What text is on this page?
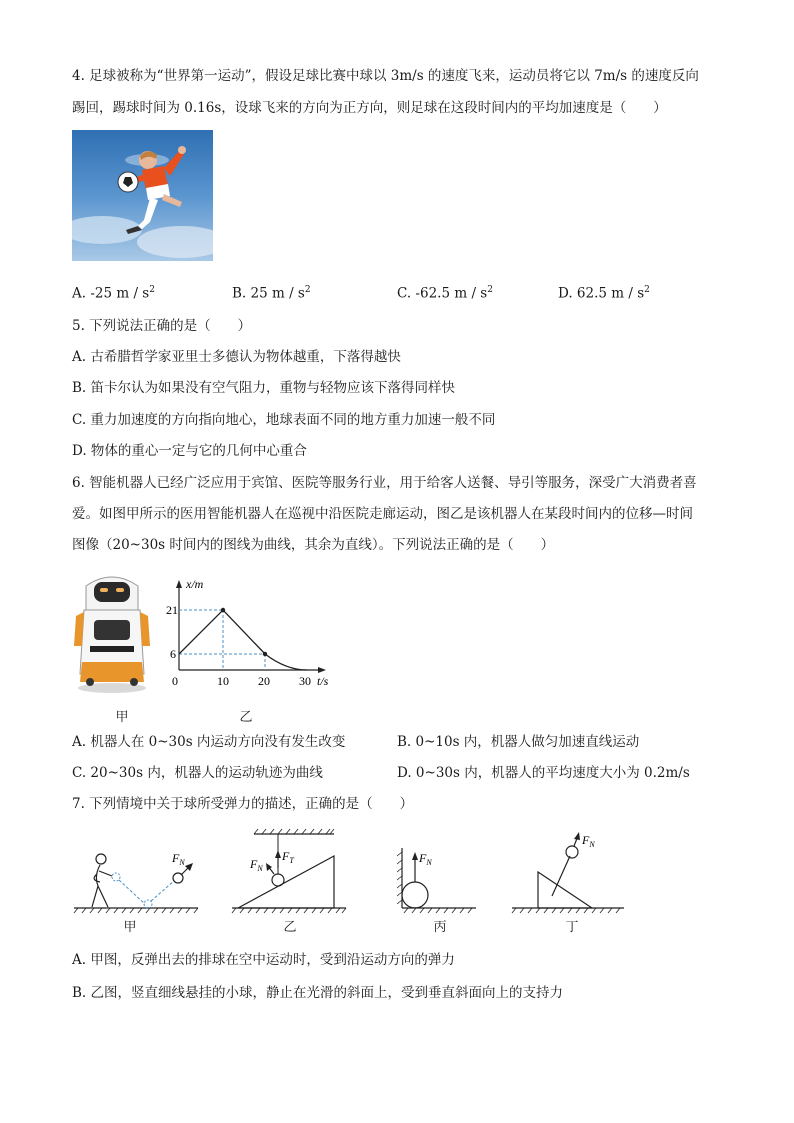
4. 足球被称为“世界第一运动”，假设足球比赛中球以 3m/s 的速度飞来，运动员将它以 7m/s 的速度反向
踢回，踢球时间为 0.16s，设球飞来的方向为正方向，则足球在这段时间内的平均加速度是（　　）
A. -25 m / $s^2$	B. 25 m / $s^2$	C. -62.5 m / $s^2$	D. 62.5 m / $s^2$
5. 下列说法正确的是（　　）
A. 古希腊哲学家亚里士多德认为物体越重，下落得越快
B. 笛卡尔认为如果没有空气阻力，重物与轻物应该下落得同样快
C. 重力加速度的方向指向地心，地球表面不同的地方重力加速一般不同
D. 物体的重心一定与它的几何中心重合
6. 智能机器人已经广泛应用于宾馆、医院等服务行业，用于给客人送餐、导引等服务，深受广大消费者喜
爱。如图甲所示的医用智能机器人在巡视中沿医院走廊运动，图乙是该机器人在某段时间内的位移—时间
图像（20~30s 时间内的图线为曲线，其余为直线）。下列说法正确的是（　　）
x/m
t/s
0	10 20 30
21
6
甲	乙
A. 机器人在 0~30s 内运动方向没有发生改变	B. 0~10s 内，机器人做匀加速直线运动
C. 20~30s 内，机器人的运动轨迹为曲线	D. 0~30s 内，机器人的平均速度大小为 0.2m/s
7. 下列情境中关于球所受弹力的描述，正确的是（　　）
$F_N$
甲
$F_T$
$F_N$
乙
$F_N$
丙
$F_N$
丁
A. 甲图，反弹出去的排球在空中运动时，受到沿运动方向的弹力
B. 乙图，竖直细线悬挂的小球，静止在光滑的斜面上，受到垂直斜面向上的支持力
